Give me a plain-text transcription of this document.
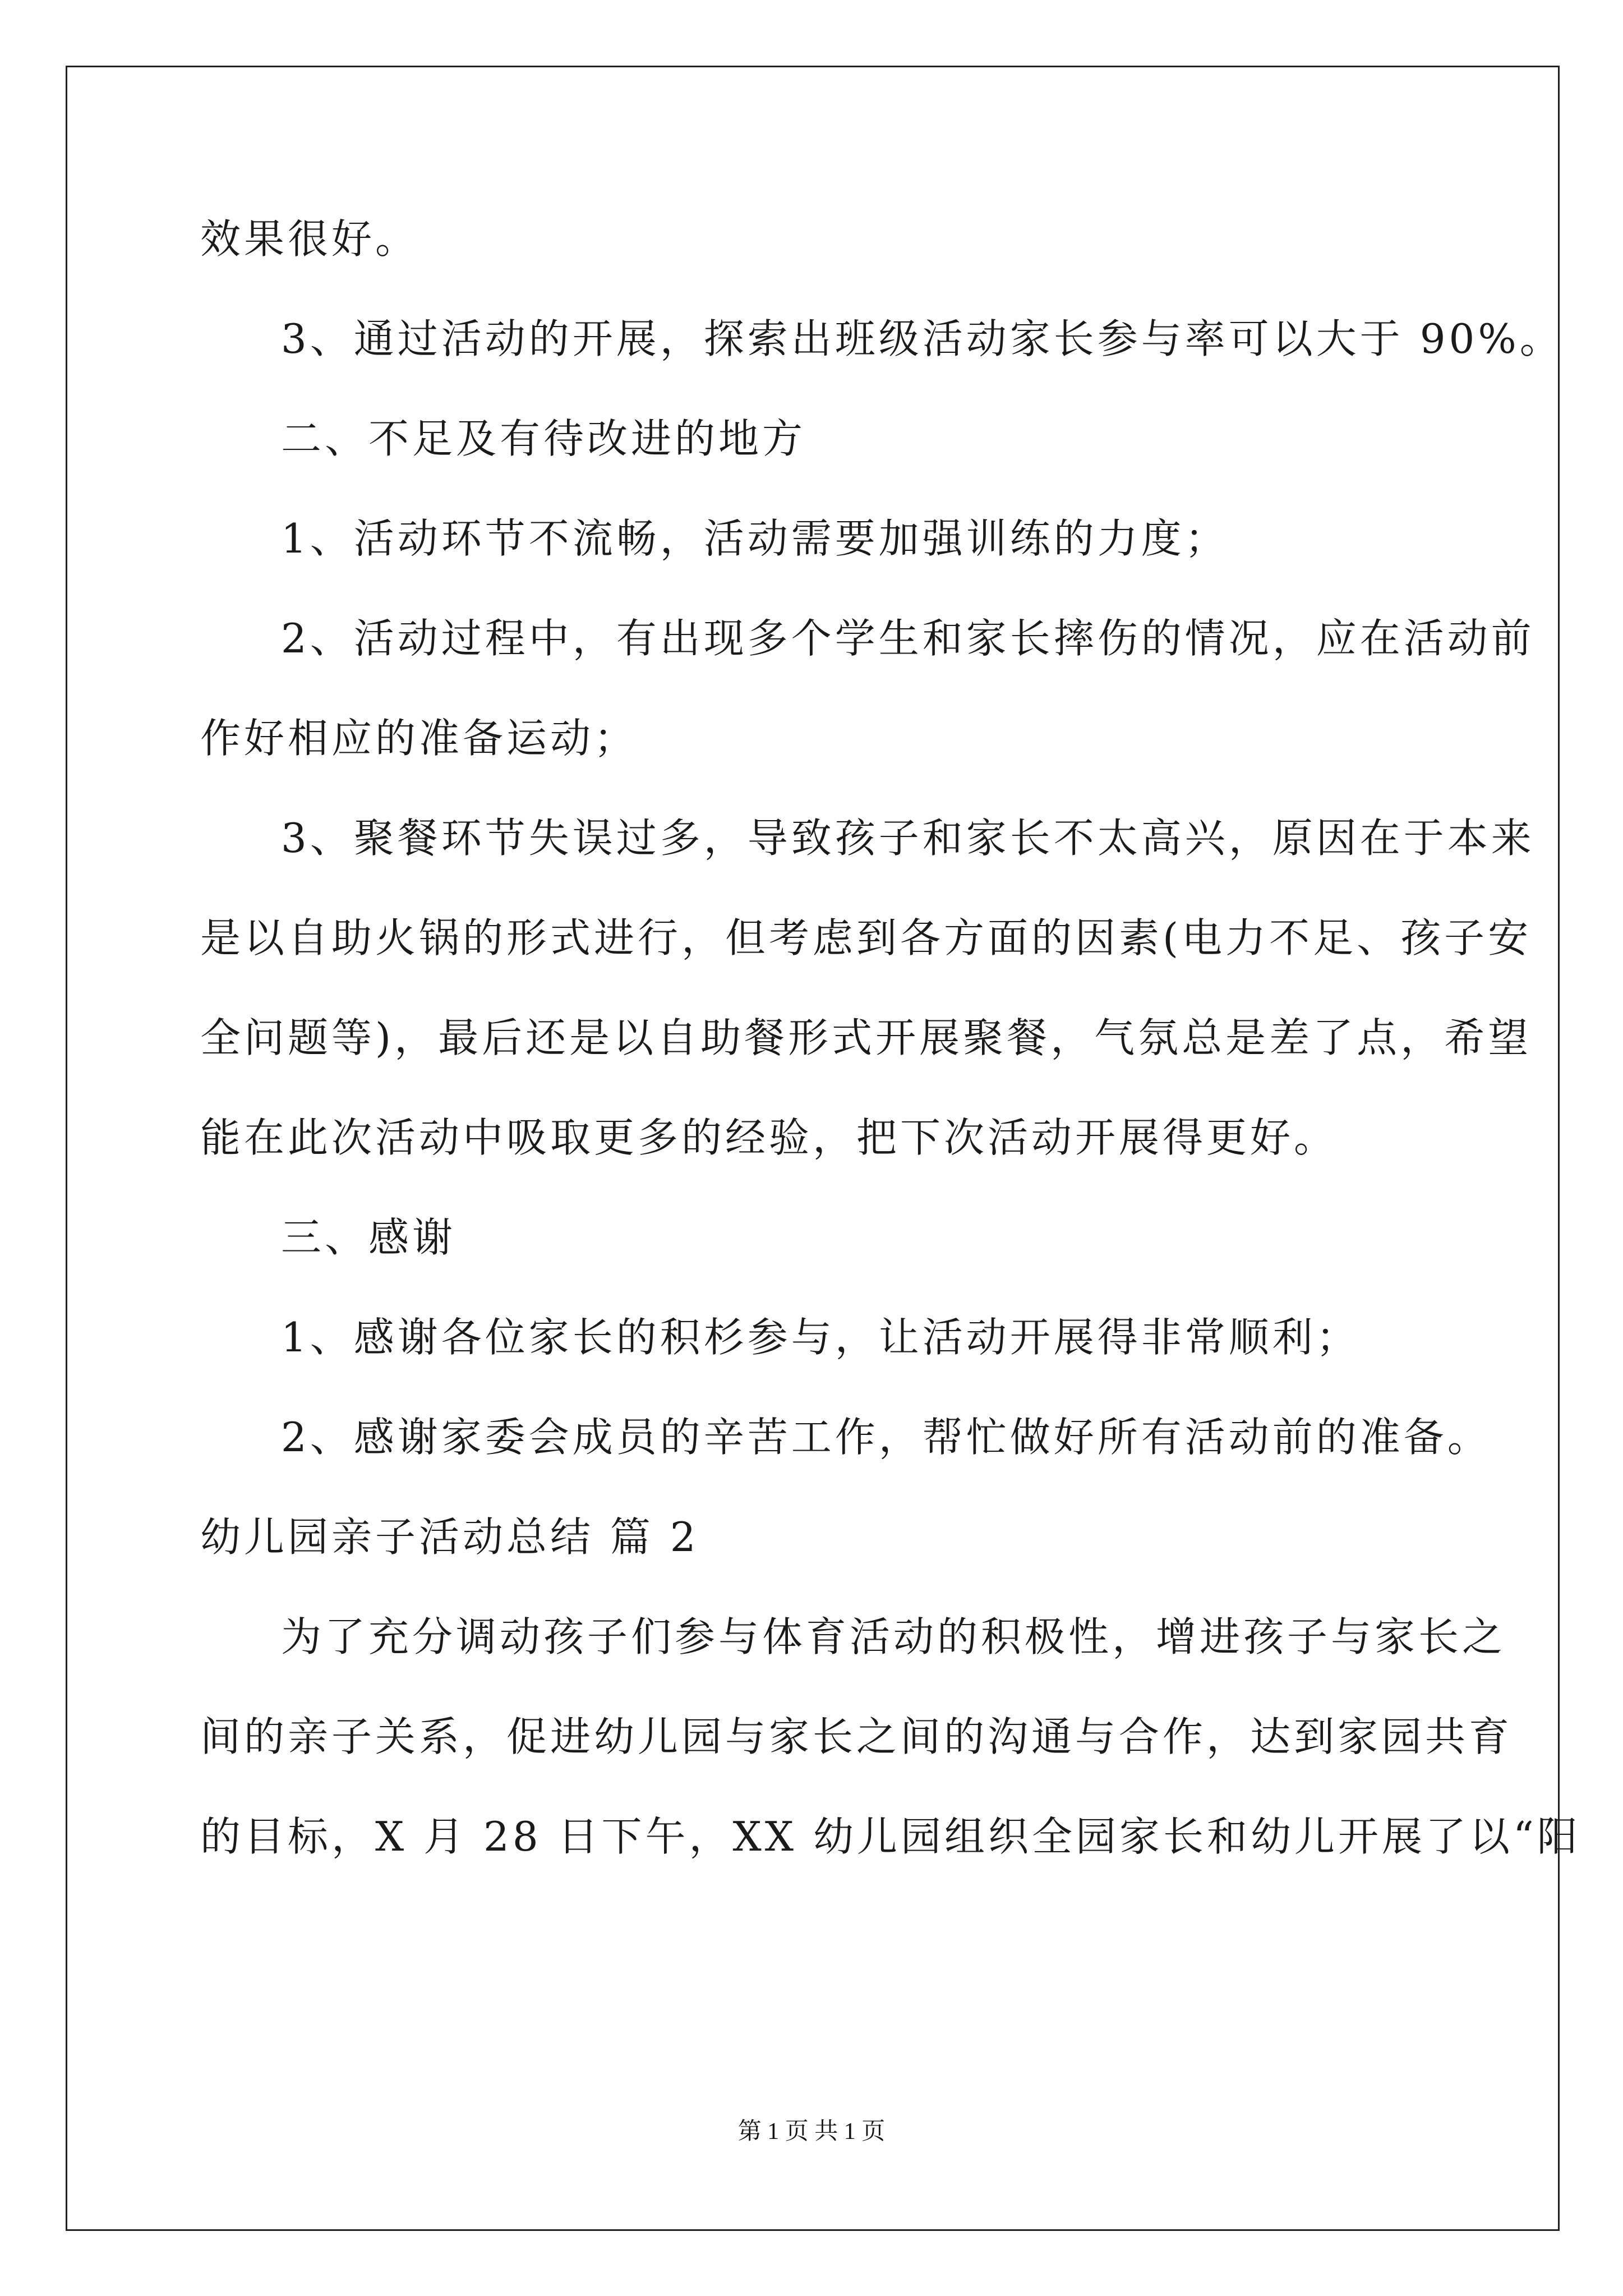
效果很好。
3、通过活动的开展，探索出班级活动家长参与率可以大于 90%。
二、不足及有待改进的地方
1、活动环节不流畅，活动需要加强训练的力度；
2、活动过程中，有出现多个学生和家长摔伤的情况，应在活动前
作好相应的准备运动；
3、聚餐环节失误过多，导致孩子和家长不太高兴，原因在于本来
是以自助火锅的形式进行，但考虑到各方面的因素(电力不足、孩子安
全问题等)，最后还是以自助餐形式开展聚餐，气氛总是差了点，希望
能在此次活动中吸取更多的经验，把下次活动开展得更好。
三、感谢
1、感谢各位家长的积杉参与，让活动开展得非常顺利；
2、感谢家委会成员的辛苦工作，帮忙做好所有活动前的准备。
幼儿园亲子活动总结 篇 2
为了充分调动孩子们参与体育活动的积极性，增进孩子与家长之
间的亲子关系，促进幼儿园与家长之间的沟通与合作，达到家园共育
的目标，X 月 28 日下午，XX 幼儿园组织全园家长和幼儿开展了以“阳
第 1 页 共 1 页
